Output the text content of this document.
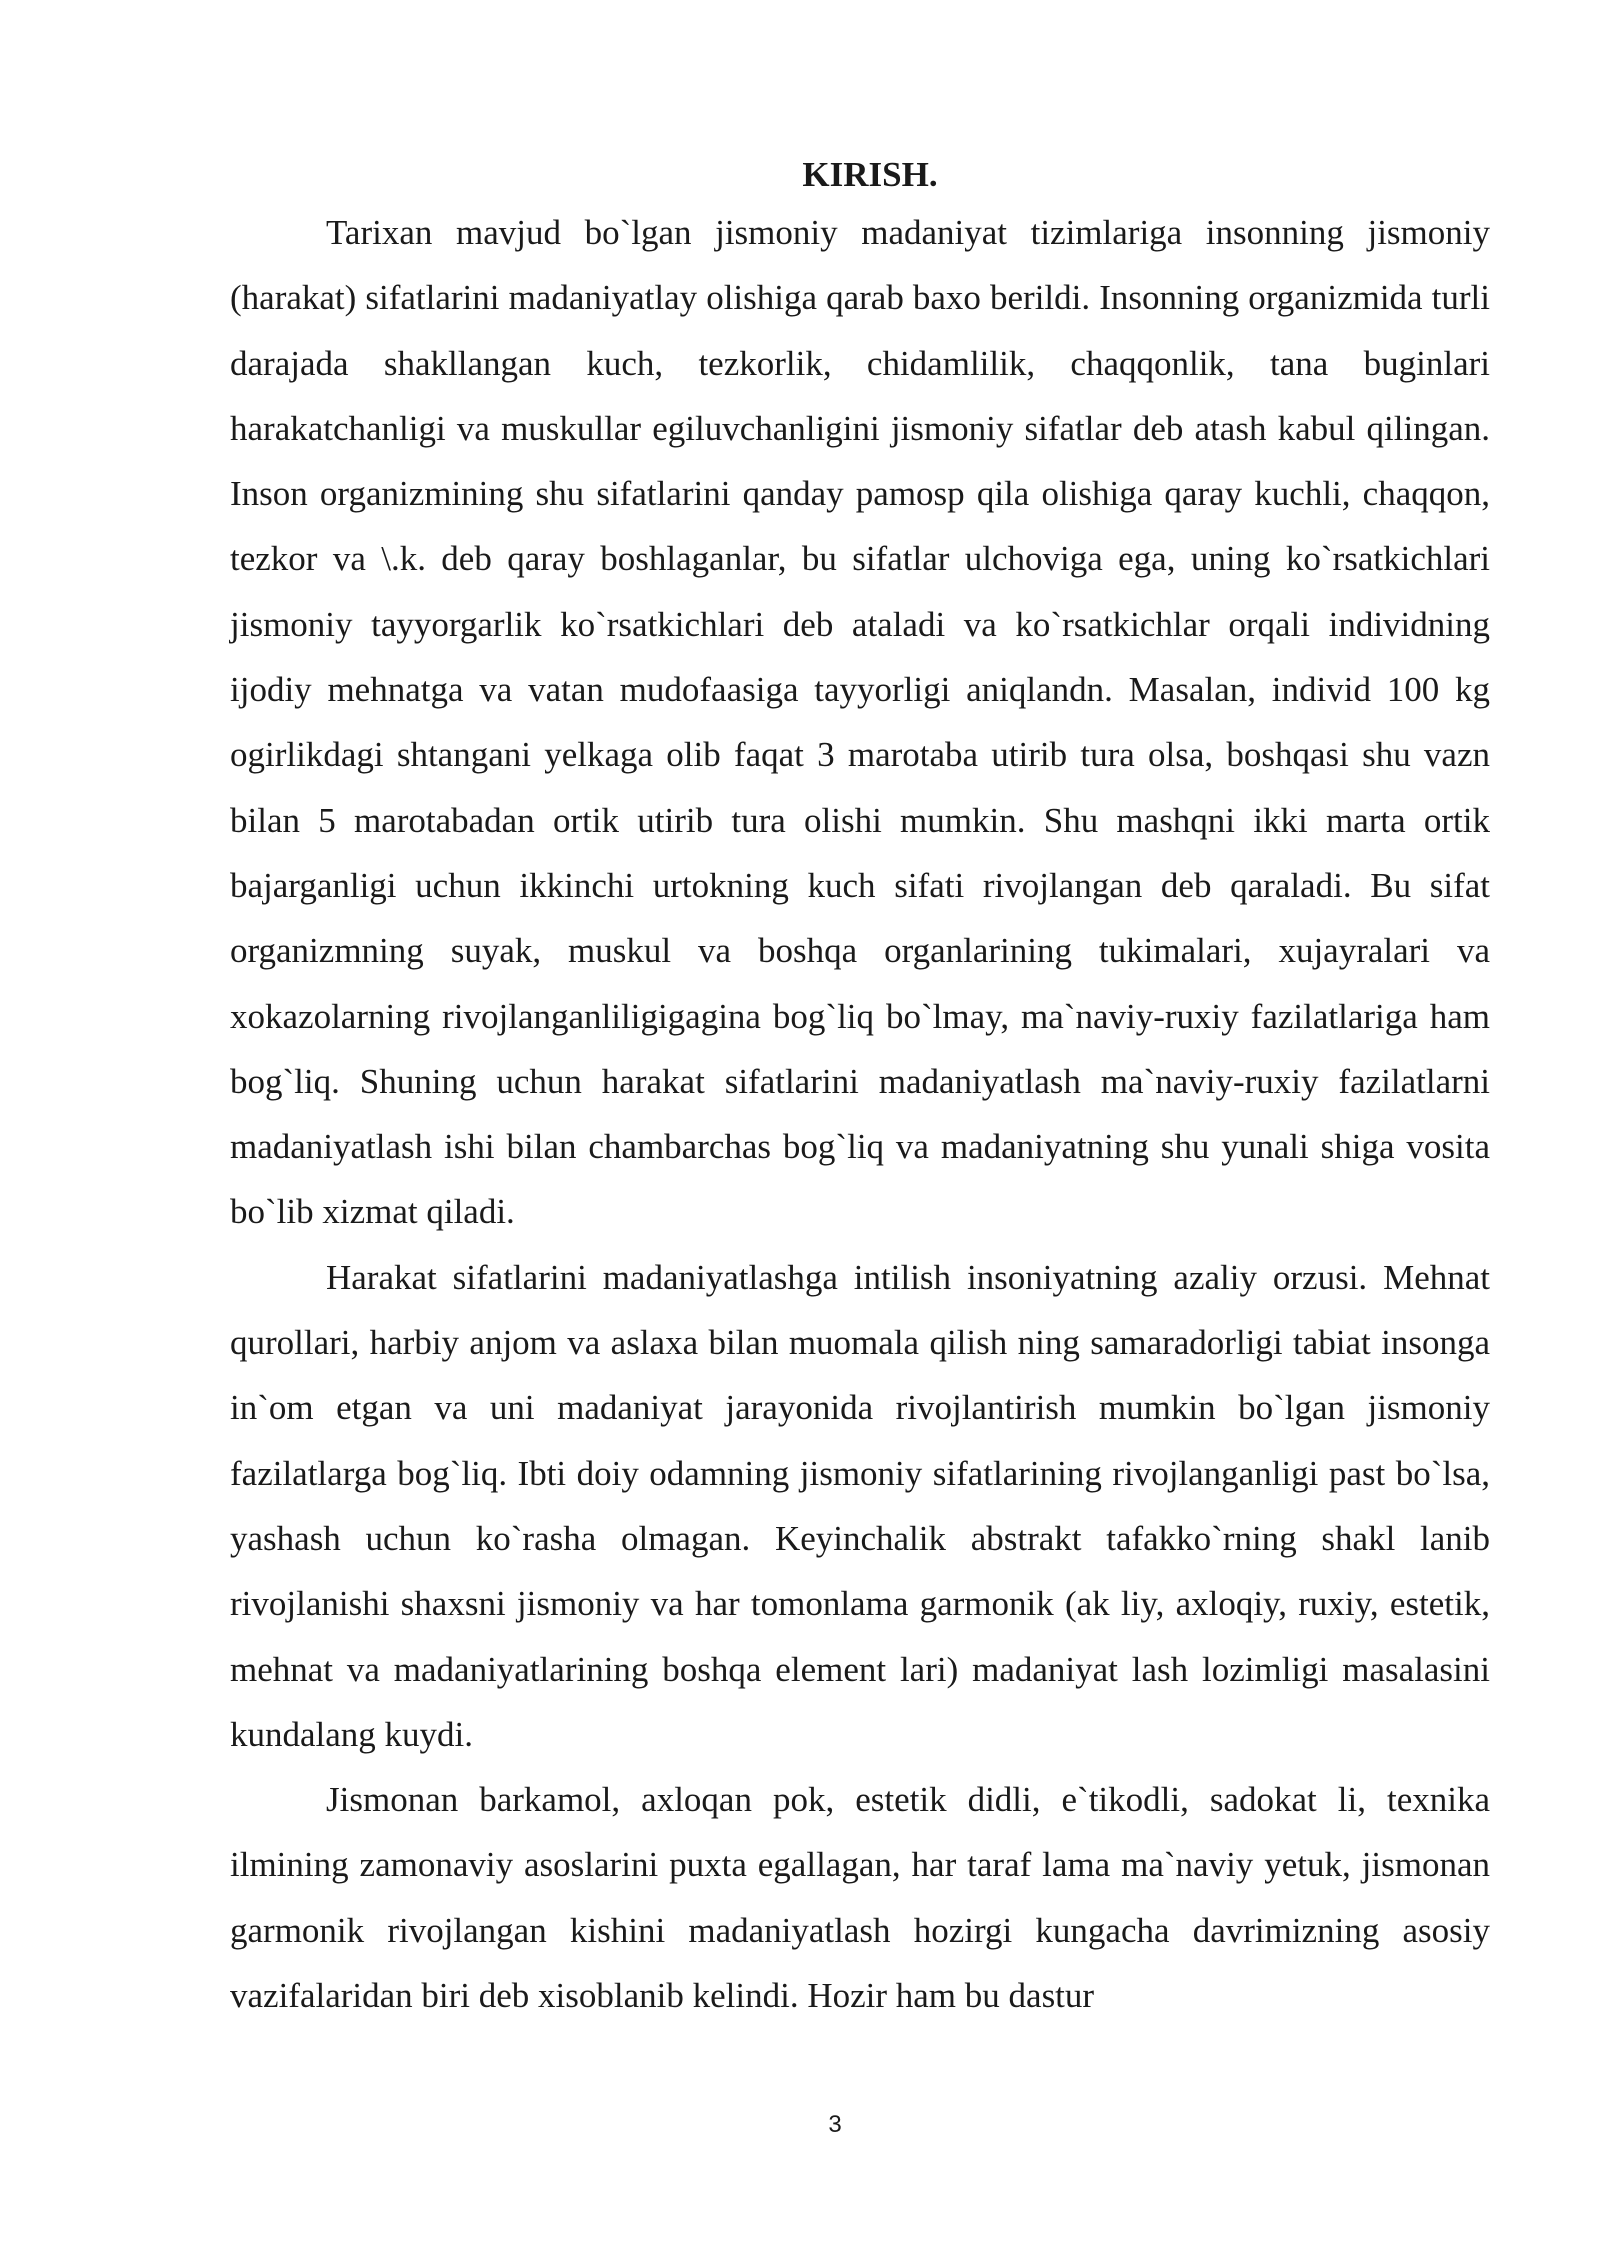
KIRISH.

Tarixan mavjud bo`lgan jismoniy madaniyat tizimlariga insonning jismoniy (harakat) sifatlarini madaniyatlay olishiga qarab baxo berildi. Insonning organizmida turli darajada shakllangan kuch, tezkorlik, chidamlilik, chaqqonlik, tana buginlari harakatchanligi va muskullar egiluvchanligini jismoniy sifatlar deb atash kabul qilingan. Inson organizmining shu sifatlarini qanday pamosp qila olishiga qaray kuchli, chaqqon, tezkor va \.k. deb qaray boshlaganlar, bu sifatlar ulchoviga ega, uning ko`rsatkichlari jismoniy tayyorgarlik ko`rsatkichlari deb ataladi va ko`rsatkichlar orqali individning ijodiy mehnatga va vatan mudofaasiga tayyorligi aniqlandn. Masalan, individ 100 kg ogirlikdagi shtangani yelkaga olib faqat 3 marotaba utirib tura olsa, boshqasi shu vazn bilan 5 marotabadan ortik utirib tura olishi mumkin. Shu mashqni ikki marta ortik bajarganligi uchun ikkinchi urtokning kuch sifati rivojlangan deb qaraladi. Bu sifat organizmning suyak, muskul va boshqa organlarining tukimalari, xujayralari va xokazolarning rivojlanganliligigagina bog`liq bo`lmay, ma`naviy-ruxiy fazilatlariga ham bog`liq. Shuning uchun harakat sifatlarini madaniyatlash ma`naviy-ruxiy fazilatlarni madaniyatlash ishi bilan chambarchas bog`liq va madaniyatning shu yunali shiga vosita bo`lib xizmat qiladi.

Harakat sifatlarini madaniyatlashga intilish insoniyatning azaliy orzusi. Mehnat qurollari, harbiy anjom va aslaxa bilan muomala qilish ning samaradorligi tabiat insonga in`om etgan va uni madaniyat jarayonida rivojlantirish mumkin bo`lgan jismoniy fazilatlarga bog`liq. Ibti doiy odamning jismoniy sifatlarining rivojlanganligi past bo`lsa, yashash uchun ko`rasha olmagan. Keyinchalik abstrakt tafakko`rning shakl lanib rivojlanishi shaxsni jismoniy va har tomonlama garmonik (ak liy, axloqiy, ruxiy, estetik, mehnat va madaniyatlarining boshqa element lari) madaniyat lash lozimligi masalasini kundalang kuydi.

Jismonan barkamol, axloqan pok, estetik didli, e`tikodli, sadokat li, texnika ilmining zamonaviy asoslarini puxta egallagan, har taraf lama ma`naviy yetuk, jismonan garmonik rivojlangan kishini madaniyatlash hozirgi kungacha davrimizning asosiy vazifalaridan biri deb xisoblanib kelindi. Hozir ham bu dastur

3
